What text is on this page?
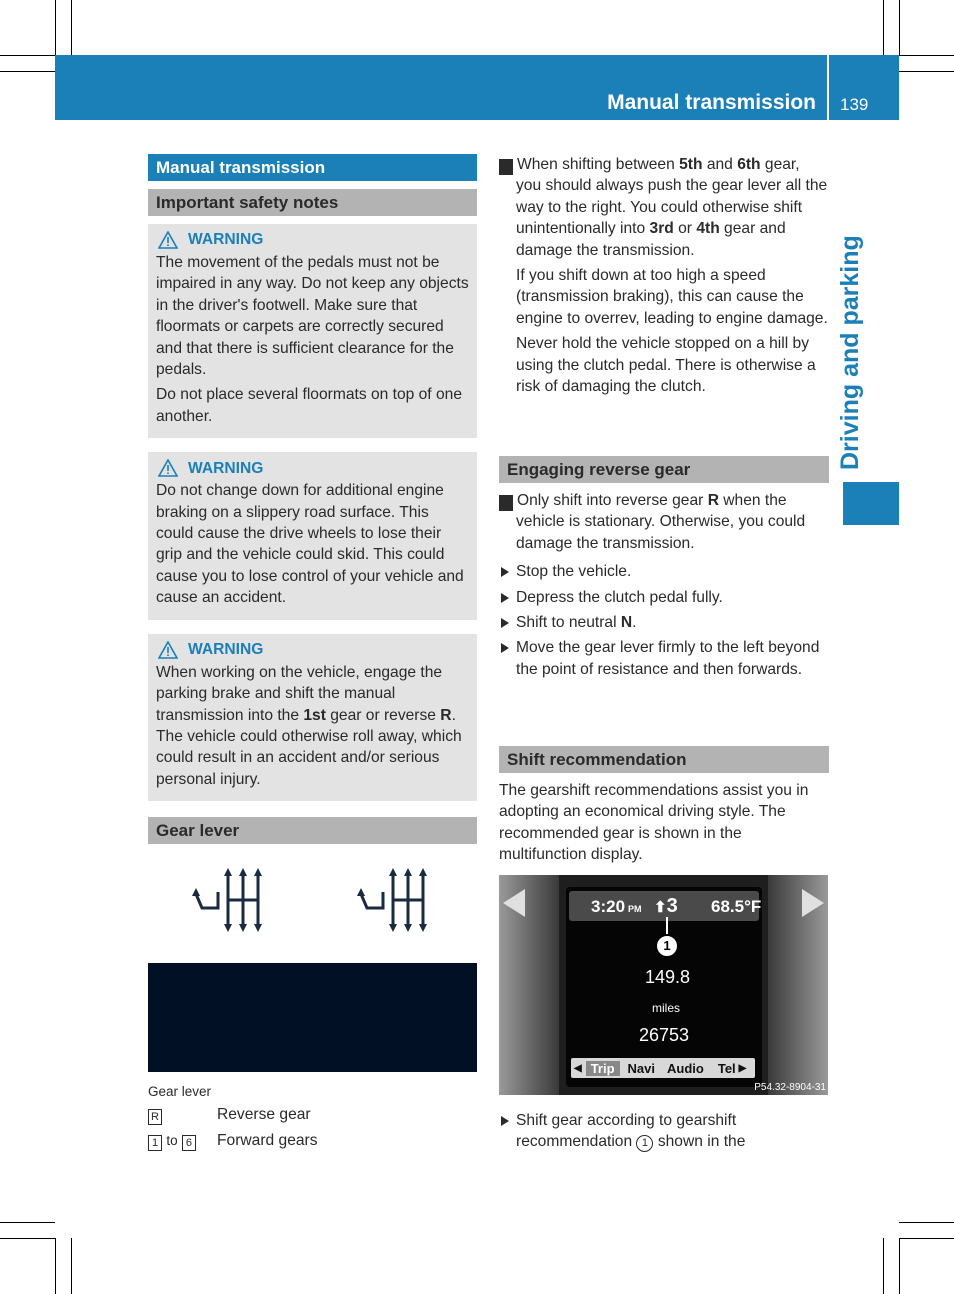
Manual transmission 139
Driving and parking
Manual transmission
Important safety notes
WARNING

The movement of the pedals must not be impaired in any way. Do not keep any objects in the driver's footwell. Make sure that floormats or carpets are correctly secured and that there is sufficient clearance for the pedals.

Do not place several floormats on top of one another.

WARNING

Do not change down for additional engine braking on a slippery road surface. This could cause the drive wheels to lose their grip and the vehicle could skid. This could cause you to lose control of your vehicle and cause an accident.

WARNING

When working on the vehicle, engage the parking brake and shift the manual transmission into the 1st gear or reverse R. The vehicle could otherwise roll away, which could result in an accident and/or serious personal injury.

Gear lever
Gear lever
R	Reverse gear
1 to 6 Forward gears

! When shifting between 5th and 6th gear, you should always push the gear lever all the way to the right. You could otherwise shift unintentionally into 3rd or 4th gear and damage the transmission.

If you shift down at too high a speed (transmission braking), this can cause the engine to overrev, leading to engine damage.

Never hold the vehicle stopped on a hill by using the clutch pedal. There is otherwise a risk of damaging the clutch.

Engaging reverse gear

! Only shift into reverse gear R when the vehicle is stationary. Otherwise, you could damage the transmission.

Stop the vehicle.
Depress the clutch pedal fully.
Shift to neutral N.
Move the gear lever firmly to the left beyond the point of resistance and then forwards.
Shift recommendation

The gearshift recommendations assist you in adopting an economical driving style. The recommended gear is shown in the multifunction display.

3:20 PM ⬆3 68.5°F
1
149.8
miles
26753
◀ Trip	Navi Audio Tel ▶
P54.32-8904-31
Shift gear according to gearshift recommendation 1 shown in the
